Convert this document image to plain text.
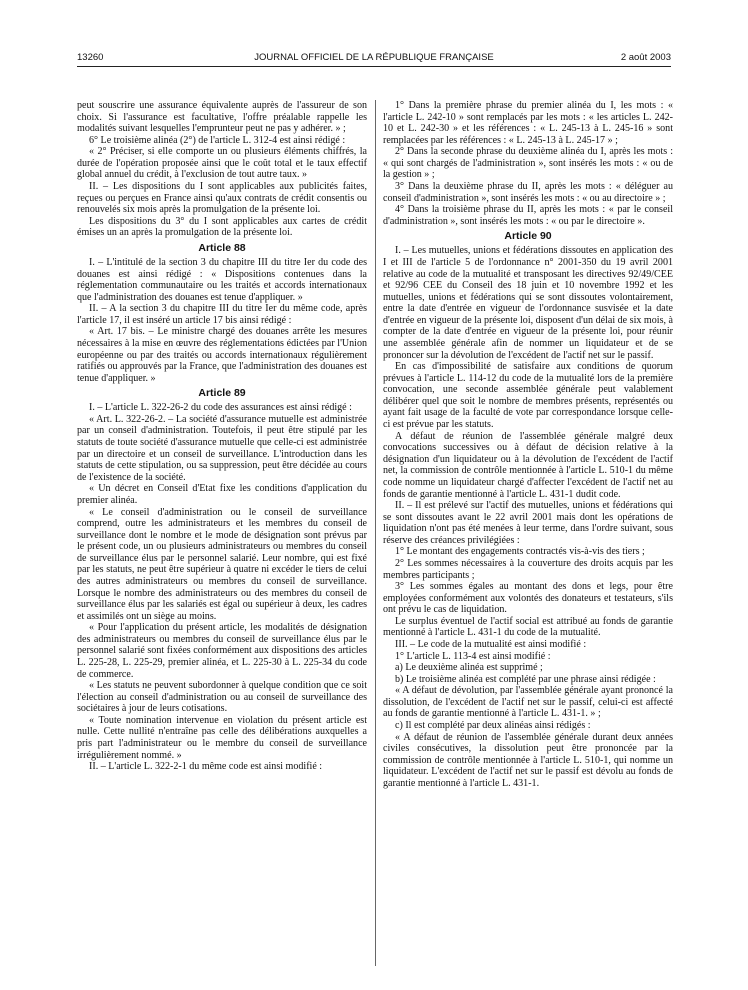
13260	JOURNAL OFFICIEL DE LA RÉPUBLIQUE FRANÇAISE	2 août 2003

peut souscrire une assurance équivalente auprès de l'assureur de son choix. Si l'assurance est facultative, l'offre préalable rappelle les modalités suivant lesquelles l'emprunteur peut ne pas y adhérer. » ;

6° Le troisième alinéa (2°) de l'article L. 312-4 est ainsi rédigé :

« 2° Préciser, si elle comporte un ou plusieurs éléments chiffrés, la durée de l'opération proposée ainsi que le coût total et le taux effectif global annuel du crédit, à l'exclusion de tout autre taux. »

II. – Les dispositions du I sont applicables aux publicités faites, reçues ou perçues en France ainsi qu'aux contrats de crédit consentis ou renouvelés six mois après la promulgation de la présente loi.

Les dispositions du 3° du I sont applicables aux cartes de crédit émises un an après la promulgation de la présente loi.

Article 88

I. – L'intitulé de la section 3 du chapitre III du titre Ier du code des douanes est ainsi rédigé : « Dispositions contenues dans la réglementation communautaire ou les traités et accords internationaux que l'administration des douanes est tenue d'appliquer. »

II. – A la section 3 du chapitre III du titre Ier du même code, après l'article 17, il est inséré un article 17 bis ainsi rédigé :

« Art. 17 bis. – Le ministre chargé des douanes arrête les mesures nécessaires à la mise en œuvre des réglementations édictées par l'Union européenne ou par des traités ou accords internationaux régulièrement ratifiés ou approuvés par la France, que l'administration des douanes est tenue d'appliquer. »

Article 89

I. – L'article L. 322-26-2 du code des assurances est ainsi rédigé :

« Art. L. 322-26-2. – La société d'assurance mutuelle est administrée par un conseil d'administration. Toutefois, il peut être stipulé par les statuts de toute société d'assurance mutuelle que celle-ci est administrée par un directoire et un conseil de surveillance. L'introduction dans les statuts de cette stipulation, ou sa suppression, peut être décidée au cours de l'existence de la société.

« Un décret en Conseil d'Etat fixe les conditions d'application du premier alinéa.

« Le conseil d'administration ou le conseil de surveillance comprend, outre les administrateurs et les membres du conseil de surveillance dont le nombre et le mode de désignation sont prévus par le présent code, un ou plusieurs administrateurs ou membres du conseil de surveillance élus par le personnel salarié. Leur nombre, qui est fixé par les statuts, ne peut être supérieur à quatre ni excéder le tiers de celui des autres administrateurs ou membres du conseil de surveillance. Lorsque le nombre des administrateurs ou des membres du conseil de surveillance élus par les salariés est égal ou supérieur à deux, les cadres et assimilés ont un siège au moins.

« Pour l'application du présent article, les modalités de désignation des administrateurs ou membres du conseil de surveillance élus par le personnel salarié sont fixées conformément aux dispositions des articles L. 225-28, L. 225-29, premier alinéa, et L. 225-30 à L. 225-34 du code de commerce.

« Les statuts ne peuvent subordonner à quelque condition que ce soit l'élection au conseil d'administration ou au conseil de surveillance des sociétaires à jour de leurs cotisations.

« Toute nomination intervenue en violation du présent article est nulle. Cette nullité n'entraîne pas celle des délibérations auxquelles a pris part l'administrateur ou le membre du conseil de surveillance irrégulièrement nommé. »

II. – L'article L. 322-2-1 du même code est ainsi modifié :

1° Dans la première phrase du premier alinéa du I, les mots : « l'article L. 242-10 » sont remplacés par les mots : « les articles L. 242-10 et L. 242-30 » et les références : « L. 245-13 à L. 245-16 » sont remplacées par les références : « L. 245-13 à L. 245-17 » ;

2° Dans la seconde phrase du deuxième alinéa du I, après les mots : « qui sont chargés de l'administration », sont insérés les mots : « ou de la gestion » ;

3° Dans la deuxième phrase du II, après les mots : « déléguer au conseil d'administration », sont insérés les mots : « ou au directoire » ;

4° Dans la troisième phrase du II, après les mots : « par le conseil d'administration », sont insérés les mots : « ou par le directoire ».

Article 90

I. – Les mutuelles, unions et fédérations dissoutes en application des I et III de l'article 5 de l'ordonnance n° 2001-350 du 19 avril 2001 relative au code de la mutualité et transposant les directives 92/49/CEE et 92/96 CEE du Conseil des 18 juin et 10 novembre 1992 et les mutuelles, unions et fédérations qui se sont dissoutes volontairement, entre la date d'entrée en vigueur de l'ordonnance susvisée et la date d'entrée en vigueur de la présente loi, disposent d'un délai de six mois, à compter de la date d'entrée en vigueur de la présente loi, pour réunir une assemblée générale afin de nommer un liquidateur et de se prononcer sur la dévolution de l'excédent de l'actif net sur le passif.

En cas d'impossibilité de satisfaire aux conditions de quorum prévues à l'article L. 114-12 du code de la mutualité lors de la première convocation, une seconde assemblée générale peut valablement délibérer quel que soit le nombre de membres présents, représentés ou ayant fait usage de la faculté de vote par correspondance lorsque celle-ci est prévue par les statuts.

A défaut de réunion de l'assemblée générale malgré deux convocations successives ou à défaut de décision relative à la désignation d'un liquidateur ou à la dévolution de l'excédent de l'actif net, la commission de contrôle mentionnée à l'article L. 510-1 du même code nomme un liquidateur chargé d'affecter l'excédent de l'actif net au fonds de garantie mentionné à l'article L. 431-1 dudit code.

II. – Il est prélevé sur l'actif des mutuelles, unions et fédérations qui se sont dissoutes avant le 22 avril 2001 mais dont les opérations de liquidation n'ont pas été menées à leur terme, dans l'ordre suivant, sous réserve des créances privilégiées :

1° Le montant des engagements contractés vis-à-vis des tiers ;

2° Les sommes nécessaires à la couverture des droits acquis par les membres participants ;

3° Les sommes égales au montant des dons et legs, pour être employées conformément aux volontés des donateurs et testateurs, s'ils ont prévu le cas de liquidation.

Le surplus éventuel de l'actif social est attribué au fonds de garantie mentionné à l'article L. 431-1 du code de la mutualité.

III. – Le code de la mutualité est ainsi modifié :

1° L'article L. 113-4 est ainsi modifié :

a) Le deuxième alinéa est supprimé ;

b) Le troisième alinéa est complété par une phrase ainsi rédigée :

« A défaut de dévolution, par l'assemblée générale ayant prononcé la dissolution, de l'excédent de l'actif net sur le passif, celui-ci est affecté au fonds de garantie mentionné à l'article L. 431-1. » ;

c) Il est complété par deux alinéas ainsi rédigés :

« A défaut de réunion de l'assemblée générale durant deux années civiles consécutives, la dissolution peut être prononcée par la commission de contrôle mentionnée à l'article L. 510-1, qui nomme un liquidateur. L'excédent de l'actif net sur le passif est dévolu au fonds de garantie mentionné à l'article L. 431-1.
